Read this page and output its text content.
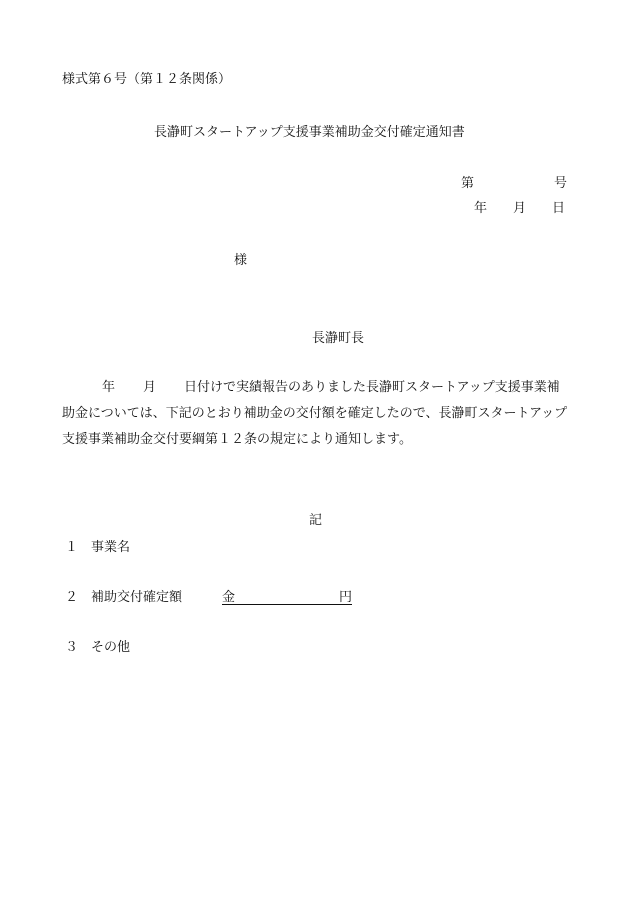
様式第６号（第１２条関係）
長瀞町スタートアップ支援事業補助金交付確定通知書
第	号
年 月 日
様
長瀞町長
年 月 日付けで実績報告のありました長瀞町スタートアップ支援事業補助金については、下記のとおり補助金の交付額を確定したので、長瀞町スタートアップ支援事業補助金交付要綱第１２条の規定により通知します。
記
１ 事業名
２ 補助交付確定額	金	円
３ その他
